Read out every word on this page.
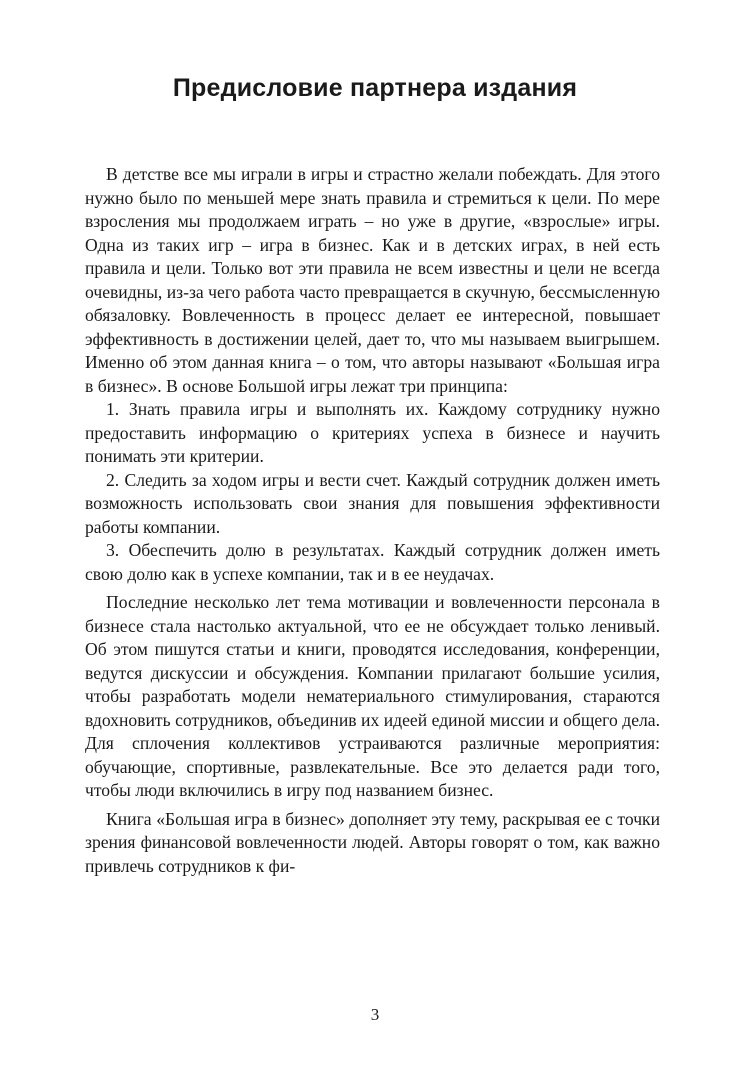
Предисловие партнера издания

В детстве все мы играли в игры и страстно желали побеждать. Для этого нужно было по меньшей мере знать правила и стремиться к цели. По мере взросления мы продолжаем играть – но уже в другие, «взрослые» игры. Одна из таких игр – игра в бизнес. Как и в детских играх, в ней есть правила и цели. Только вот эти правила не всем известны и цели не всегда очевидны, из-за чего работа часто превращается в скучную, бессмысленную обязаловку. Вовлеченность в процесс делает ее интересной, повышает эффективность в достижении целей, дает то, что мы называем выигрышем. Именно об этом данная книга – о том, что авторы называют «Большая игра в бизнес». В основе Большой игры лежат три принципа:

1. Знать правила игры и выполнять их. Каждому сотруднику нужно предоставить информацию о критериях успеха в бизнесе и научить понимать эти критерии.

2. Следить за ходом игры и вести счет. Каждый сотрудник должен иметь возможность использовать свои знания для повышения эффективности работы компании.

3. Обеспечить долю в результатах. Каждый сотрудник должен иметь свою долю как в успехе компании, так и в ее неудачах.

Последние несколько лет тема мотивации и вовлеченности персонала в бизнесе стала настолько актуальной, что ее не обсуждает только ленивый. Об этом пишутся статьи и книги, проводятся исследования, конференции, ведутся дискуссии и обсуждения. Компании прилагают большие усилия, чтобы разработать модели нематериального стимулирования, стараются вдохновить сотрудников, объединив их идеей единой миссии и общего дела. Для сплочения коллективов устраиваются различные мероприятия: обучающие, спортивные, развлекательные. Все это делается ради того, чтобы люди включились в игру под названием бизнес.

Книга «Большая игра в бизнес» дополняет эту тему, раскрывая ее с точки зрения финансовой вовлеченности людей. Авторы говорят о том, как важно привлечь сотрудников к фи-

3
